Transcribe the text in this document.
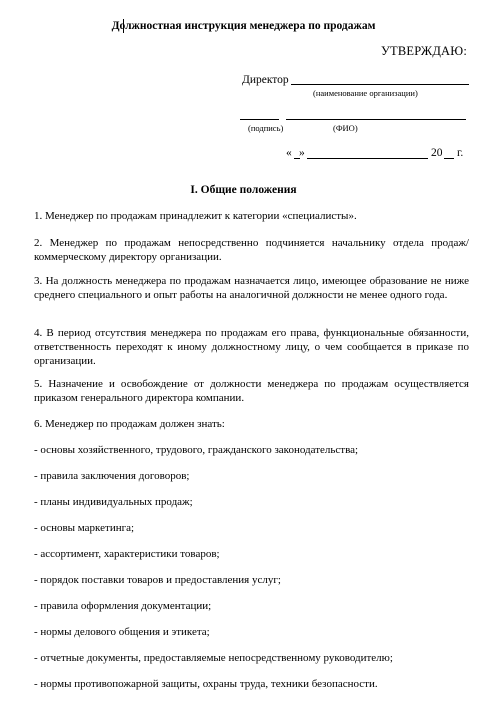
Должностная инструкция менеджера по продажам
УТВЕРЖДАЮ:
Директор
(наименование организации)
(подпись)	(ФИО)
« »	20 г.
I. Общие положения
1. Менеджер по продажам принадлежит к категории «специалисты».
2. Менеджер по продажам непосредственно подчиняется начальнику отдела продаж/коммерческому директору организации.
3. На должность менеджера по продажам назначается лицо, имеющее образование не ниже среднего специального и опыт работы на аналогичной должности не менее одного года.
4. В период отсутствия менеджера по продажам его права, функциональные обязанности, ответственность переходят к иному должностному лицу, о чем сообщается в приказе по организации.
5. Назначение и освобождение от должности менеджера по продажам осуществляется приказом генерального директора компании.
6. Менеджер по продажам должен знать:
- основы хозяйственного, трудового, гражданского законодательства;
- правила заключения договоров;
- планы индивидуальных продаж;
- основы маркетинга;
- ассортимент, характеристики товаров;
- порядок поставки товаров и предоставления услуг;
- правила оформления документации;
- нормы делового общения и этикета;
- отчетные документы, предоставляемые непосредственному руководителю;
- нормы противопожарной защиты, охраны труда, техники безопасности.
